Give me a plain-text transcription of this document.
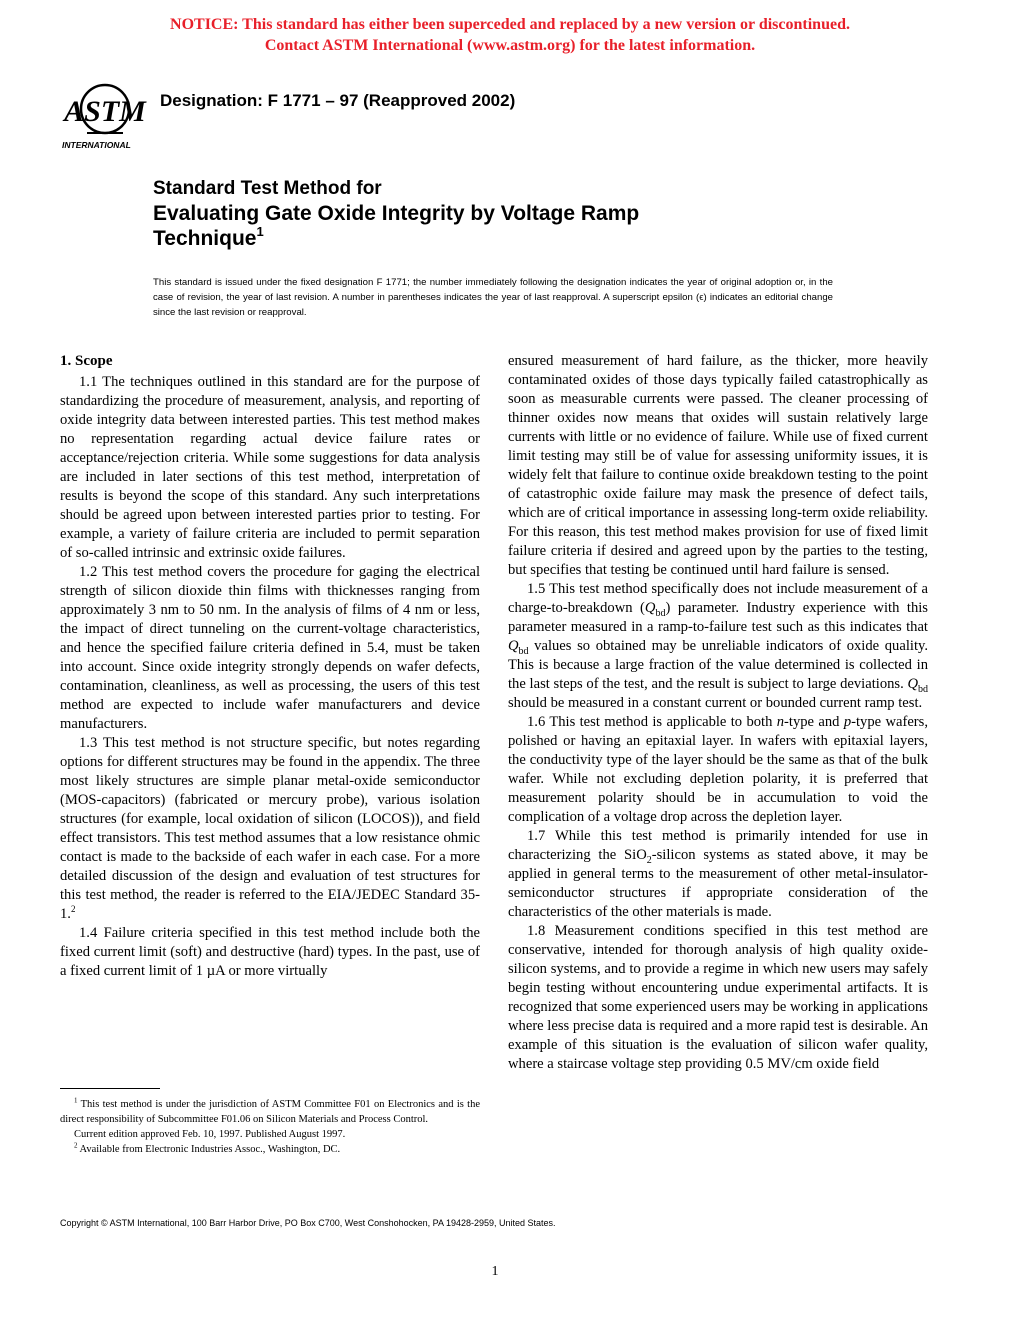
NOTICE: This standard has either been superceded and replaced by a new version or discontinued.
Contact ASTM International (www.astm.org) for the latest information.
ASTM
INTERNATIONAL
Designation: F 1771 – 97 (Reapproved 2002)
Standard Test Method for
Evaluating Gate Oxide Integrity by Voltage Ramp
Technique$^1$
This standard is issued under the fixed designation F 1771; the number immediately following the designation indicates the year of original adoption or, in the case of revision, the year of last revision. A number in parentheses indicates the year of last reapproval. A superscript epsilon (ϵ) indicates an editorial change since the last revision or reapproval.
1. Scope

1.1 The techniques outlined in this standard are for the purpose of standardizing the procedure of measurement, analysis, and reporting of oxide integrity data between interested parties. This test method makes no representation regarding actual device failure rates or acceptance/rejection criteria. While some suggestions for data analysis are included in later sections of this test method, interpretation of results is beyond the scope of this standard. Any such interpretations should be agreed upon between interested parties prior to testing. For example, a variety of failure criteria are included to permit separation of so-called intrinsic and extrinsic oxide failures.

1.2 This test method covers the procedure for gaging the electrical strength of silicon dioxide thin films with thicknesses ranging from approximately 3 nm to 50 nm. In the analysis of films of 4 nm or less, the impact of direct tunneling on the current-voltage characteristics, and hence the specified failure criteria defined in 5.4, must be taken into account. Since oxide integrity strongly depends on wafer defects, contamination, cleanliness, as well as processing, the users of this test method are expected to include wafer manufacturers and device manufacturers.

1.3 This test method is not structure specific, but notes regarding options for different structures may be found in the appendix. The three most likely structures are simple planar metal-oxide semiconductor (MOS-capacitors) (fabricated or mercury probe), various isolation structures (for example, local oxidation of silicon (LOCOS)), and field effect transistors. This test method assumes that a low resistance ohmic contact is made to the backside of each wafer in each case. For a more detailed discussion of the design and evaluation of test structures for this test method, the reader is referred to the EIA/JEDEC Standard 35-1.$^2$

1.4 Failure criteria specified in this test method include both the fixed current limit (soft) and destructive (hard) types. In the past, use of a fixed current limit of 1 µA or more virtually

ensured measurement of hard failure, as the thicker, more heavily contaminated oxides of those days typically failed catastrophically as soon as measurable currents were passed. The cleaner processing of thinner oxides now means that oxides will sustain relatively large currents with little or no evidence of failure. While use of fixed current limit testing may still be of value for assessing uniformity issues, it is widely felt that failure to continue oxide breakdown testing to the point of catastrophic oxide failure may mask the presence of defect tails, which are of critical importance in assessing long-term oxide reliability. For this reason, this test method makes provision for use of fixed limit failure criteria if desired and agreed upon by the parties to the testing, but specifies that testing be continued until hard failure is sensed.

1.5 This test method specifically does not include measurement of a charge-to-breakdown $(Q_{bd})$ parameter. Industry experience with this parameter measured in a ramp-to-failure test such as this indicates that $Q_{bd}$ values so obtained may be unreliable indicators of oxide quality. This is because a large fraction of the value determined is collected in the last steps of the test, and the result is subject to large deviations. $Q_{bd}$ should be measured in a constant current or bounded current ramp test.

1.6 This test method is applicable to both n-type and p-type wafers, polished or having an epitaxial layer. In wafers with epitaxial layers, the conductivity type of the layer should be the same as that of the bulk wafer. While not excluding depletion polarity, it is preferred that measurement polarity should be in accumulation to void the complication of a voltage drop across the depletion layer.

1.7 While this test method is primarily intended for use in characterizing the SiO$_2$-silicon systems as stated above, it may be applied in general terms to the measurement of other metal-insulator-semiconductor structures if appropriate consideration of the characteristics of the other materials is made.

1.8 Measurement conditions specified in this test method are conservative, intended for thorough analysis of high quality oxide-silicon systems, and to provide a regime in which new users may safely begin testing without encountering undue experimental artifacts. It is recognized that some experienced users may be working in applications where less precise data is required and a more rapid test is desirable. An example of this situation is the evaluation of silicon wafer quality, where a staircase voltage step providing 0.5 MV/cm oxide field

$^1$ This test method is under the jurisdiction of ASTM Committee F01 on Electronics and is the direct responsibility of Subcommittee F01.06 on Silicon Materials and Process Control.

Current edition approved Feb. 10, 1997. Published August 1997.

$^2$ Available from Electronic Industries Assoc., Washington, DC.

Copyright © ASTM International, 100 Barr Harbor Drive, PO Box C700, West Conshohocken, PA 19428-2959, United States.
1
